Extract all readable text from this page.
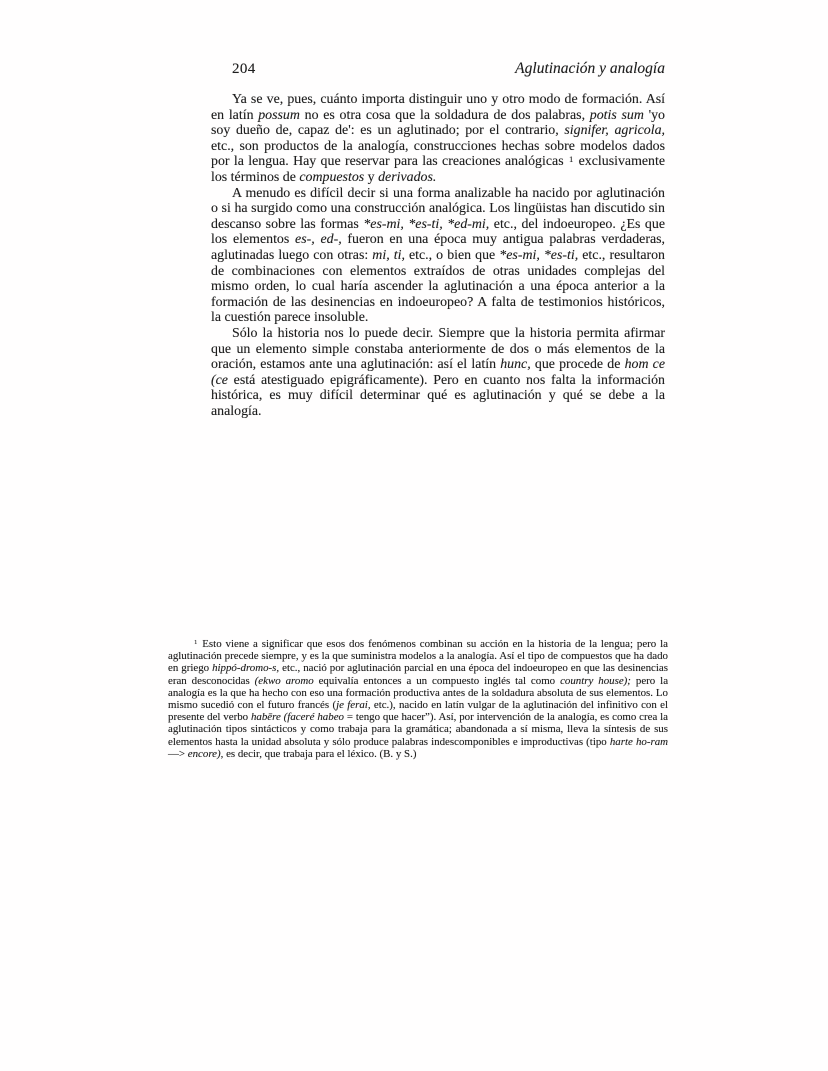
204	Aglutinación y analogía

Ya se ve, pues, cuánto importa distinguir uno y otro modo de formación. Así en latín possum no es otra cosa que la soldadura de dos palabras, potis sum 'yo soy dueño de, capaz de': es un aglutinado; por el contrario, signifer, agricola, etc., son productos de la analogía, construcciones hechas sobre modelos dados por la lengua. Hay que reservar para las creaciones analógicas $^1$ exclusivamente los términos de compuestos y derivados.

A menudo es difícil decir si una forma analizable ha nacido por aglutinación o si ha surgido como una construcción analógica. Los lingüistas han discutido sin descanso sobre las formas *es-mi, *es-ti, *ed-mi, etc., del indoeuropeo. ¿Es que los elementos es-, ed-, fueron en una época muy antigua palabras verdaderas, aglutinadas luego con otras: mi, ti, etc., o bien que *es-mi, *es-ti, etc., resultaron de combinaciones con elementos extraídos de otras unidades complejas del mismo orden, lo cual haría ascender la aglutinación a una época anterior a la formación de las desinencias en indoeuropeo? A falta de testimonios históricos, la cuestión parece insoluble.

Sólo la historia nos lo puede decir. Siempre que la historia permita afirmar que un elemento simple constaba anteriormente de dos o más elementos de la oración, estamos ante una aglutinación: así el latín hunc, que procede de hom ce (ce está atestiguado epigráficamente). Pero en cuanto nos falta la información histórica, es muy difícil determinar qué es aglutinación y qué se debe a la analogía.

$^1$ Esto viene a significar que esos dos fenómenos combinan su acción en la historia de la lengua; pero la aglutinación precede siempre, y es la que suministra modelos a la analogía. Así el tipo de compuestos que ha dado en griego hippó-dromo-s, etc., nació por aglutinación parcial en una época del indoeuropeo en que las desinencias eran desconocidas (ekwo aromo equivalía entonces a un compuesto inglés tal como country house); pero la analogía es la que ha hecho con eso una formación productiva antes de la soldadura absoluta de sus elementos. Lo mismo sucedió con el futuro francés (je ferai, etc.), nacido en latín vulgar de la aglutinación del infinitivo con el presente del verbo habēre (faceré habeo = tengo que hacer”). Así, por intervención de la analogía, es como crea la aglutinación tipos sintácticos y como trabaja para la gramática; abandonada a sí misma, lleva la síntesis de sus elementos hasta la unidad absoluta y sólo produce palabras indescomponibles e improductivas (tipo harte ho-ram —> encore), es decir, que trabaja para el léxico. (B. y S.)
